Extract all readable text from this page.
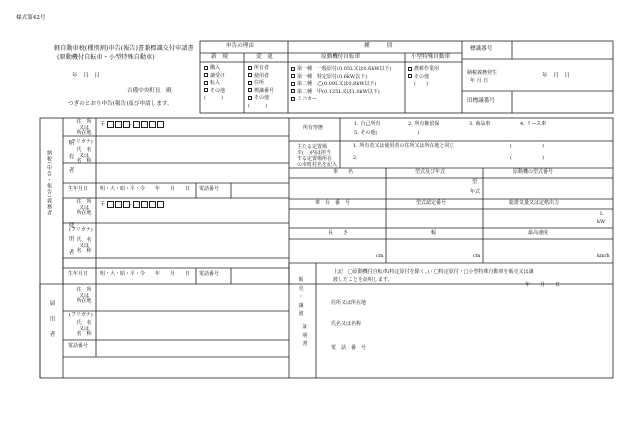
様式第42号
軽自動車税(種別割)申告(報告)書兼標識交付申請書
(原動機付自転車・小型特殊自動車)
年　月　日
吉備中央町長　殿
つぎのとおり申告(報告)及び申請します。
申告の理由
新　規	変　更
購入
譲受け
転入
その他
(　　　)
所有者
使用者
住所
標識番号
その他
(　　　)
種　　　別
原動機付自転車	小型特殊自動車
第一種　一般原付(0.05L又は0.6kW以下)
第一種　特定原付(0.6kW以下)
第二種　乙(0.09L又は0.8kW以下)
第二種　甲(0.125L又は1.0kW以下)
ミニカー
農耕作業用
その他
(　　)
標識番号
納税義務発生
年 月 日
年　月　日
旧標識番号
納税(申告・報告)義務者	所有者
使用者
届出者
住　所
又は
所在地
〒	-
(フリガナ)
氏　名
又は
名　称
生年月日 明・大・昭・平・令　　年　　月　　日 電話番号
住　所
又は
所在地
〒	-
(フリガナ)
氏　名
又は
名　称
生年月日 明・大・昭・平・令　　年　　月　　日 電話番号
住　所
又は
所在地
(フリガナ)
氏　名
又は
名　称
電話番号
所有形態
1. 自己所有	2. 所有権留保	3. 商品車	4. リース車
5. その他(　　　　　　　　)
主たる定置場
※(　)内は担当
する定置場所在
の市町村名を記入
1. 所有者又は使用者の住所又は所在地と同じ	(　　　　　　)
2.	(　　　　　　)
車　　名	型式及び年式	原動機の型式番号
型
年式
車　台　番　号	型式認定番号	総排気量又は定格出力
L
kW
長　　さ	幅	最高速度
cm	cm	km/h
販
売
・
譲
渡
証
明
書
上記　□原動機付自転車(特定原付を除く。)・□特定原付・□小型特殊自動車を販売又は譲
渡したことを証明します。
年　　月　　日
住所又は所在地
氏名又は名称
電　話　番　号
